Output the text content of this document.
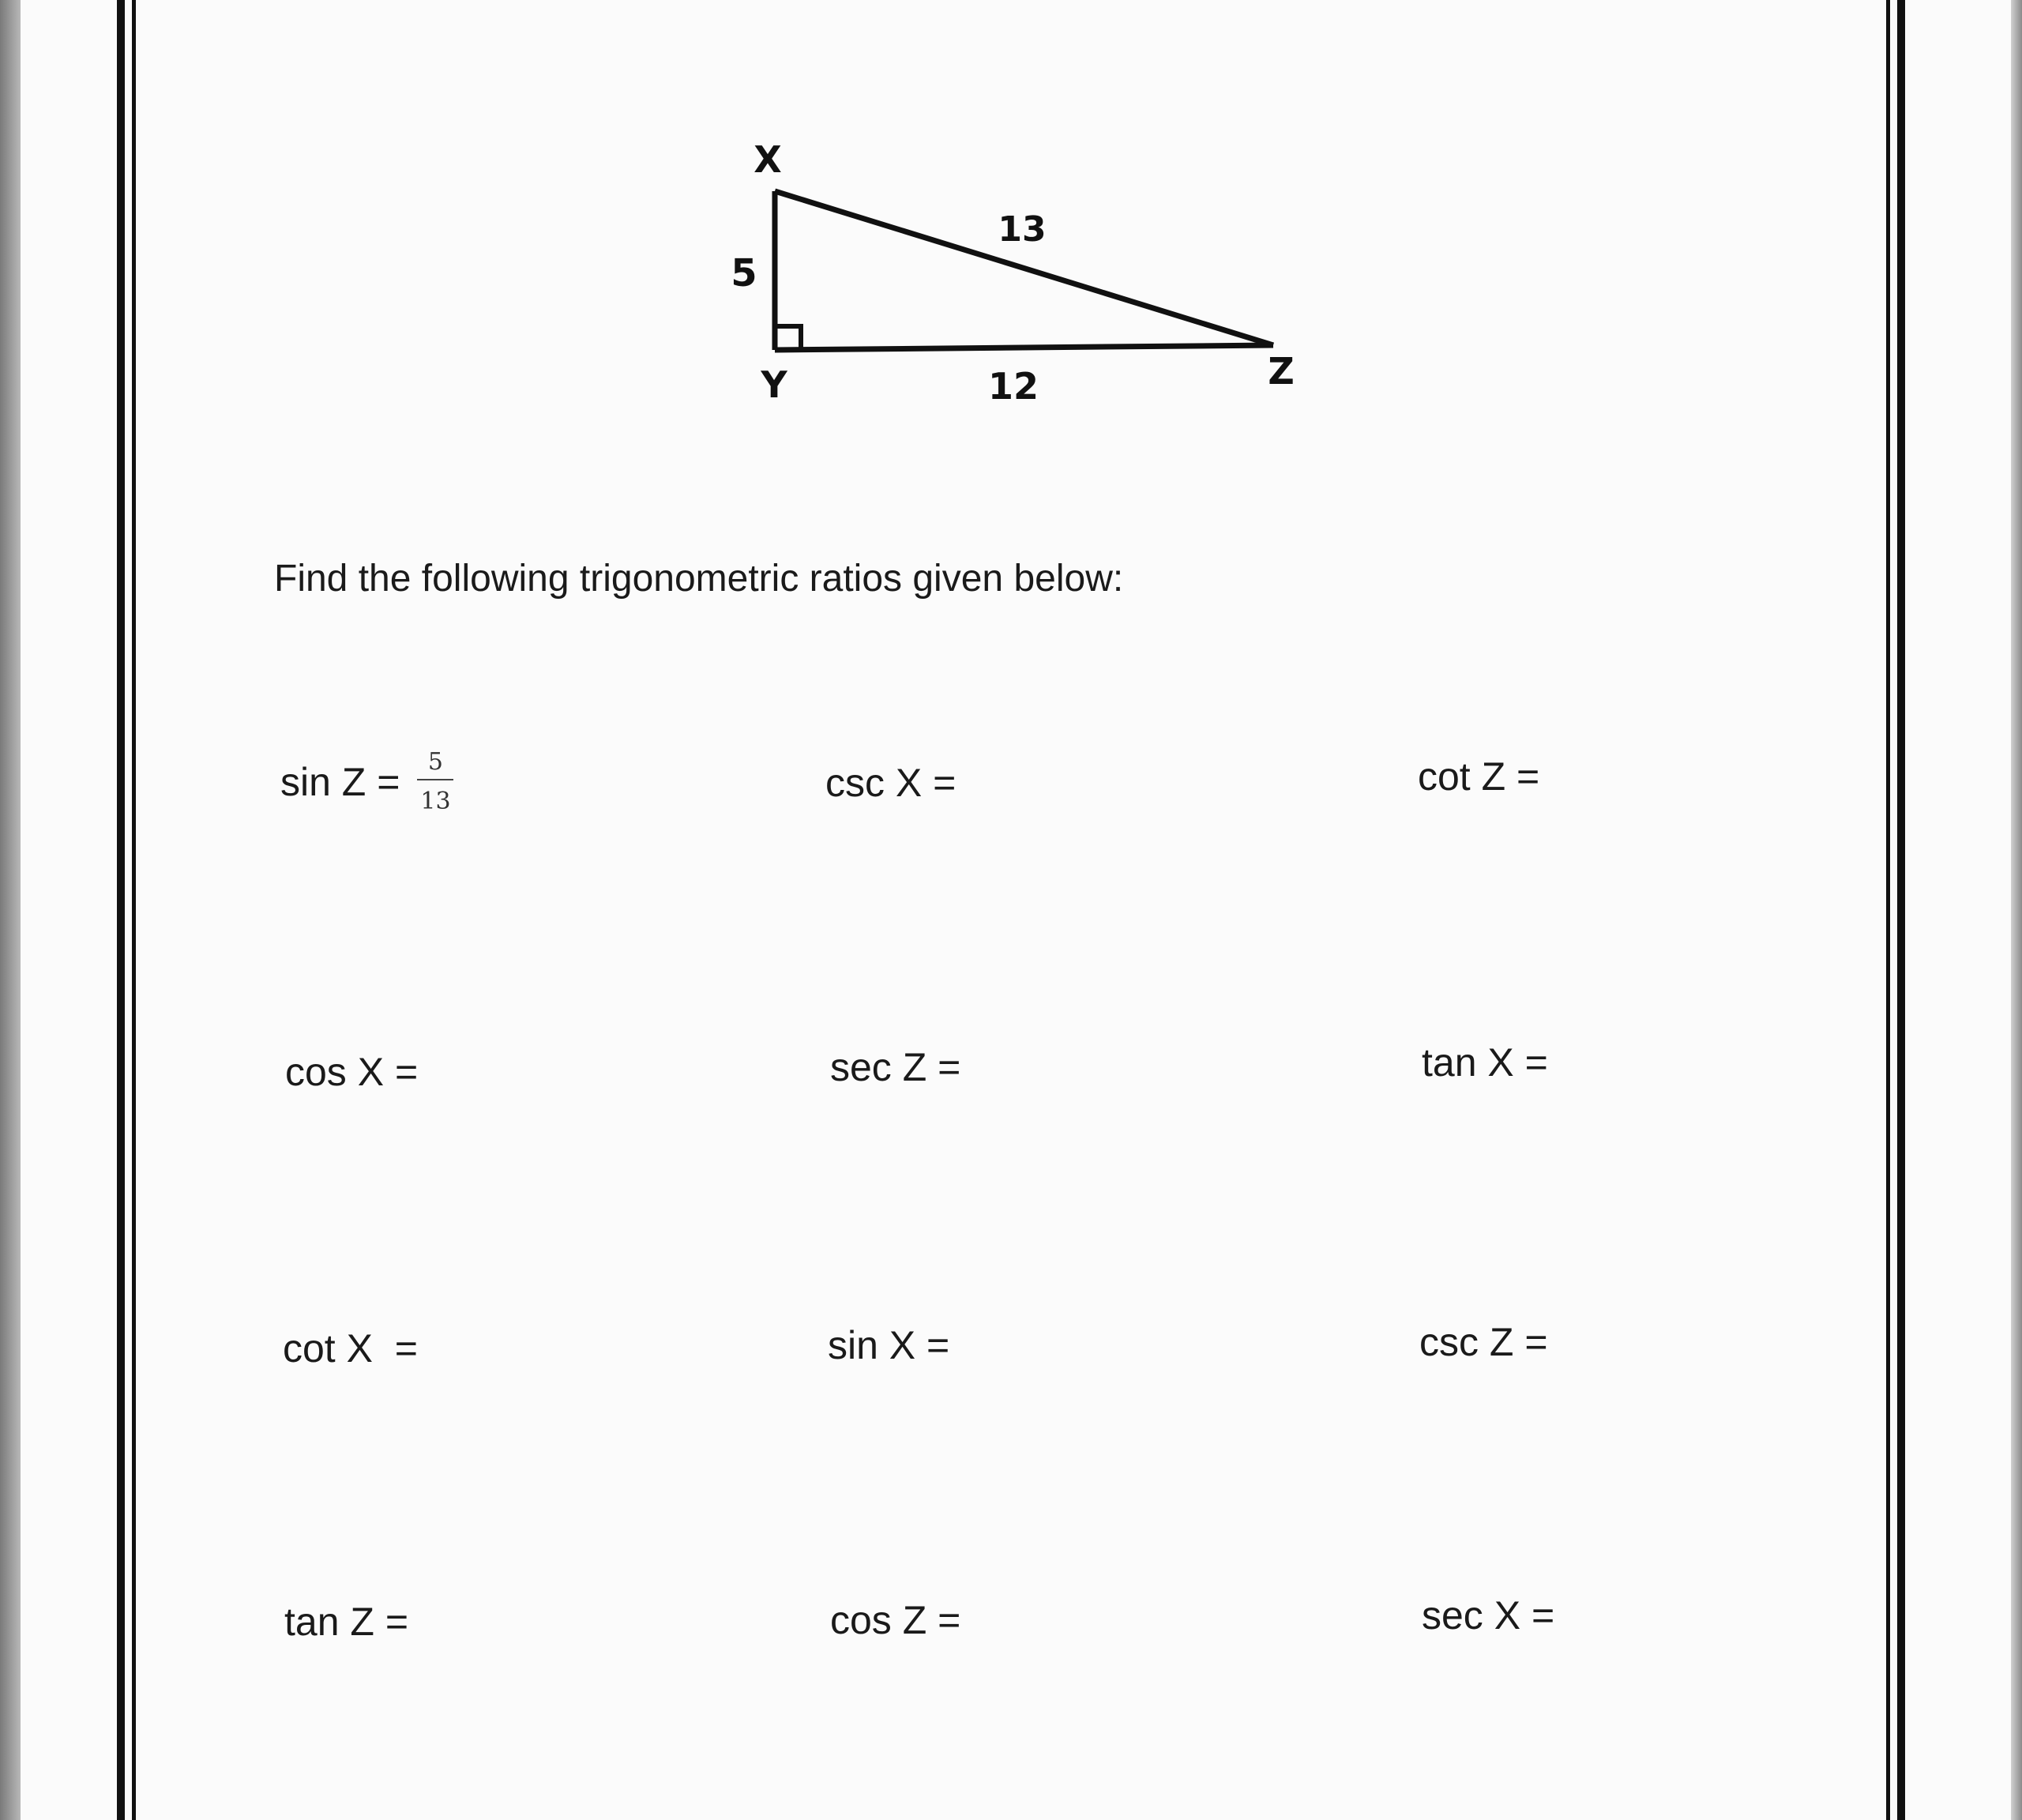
X
Y	Z
5
12
13
Find the following trigonometric ratios given below:
$\sin Z = \frac{5}{13}$	csc X =	cot Z =
cos X =	sec Z =	tan X =
cot X  =	sin X =	csc Z =
tan Z =	cos Z =	sec X =
